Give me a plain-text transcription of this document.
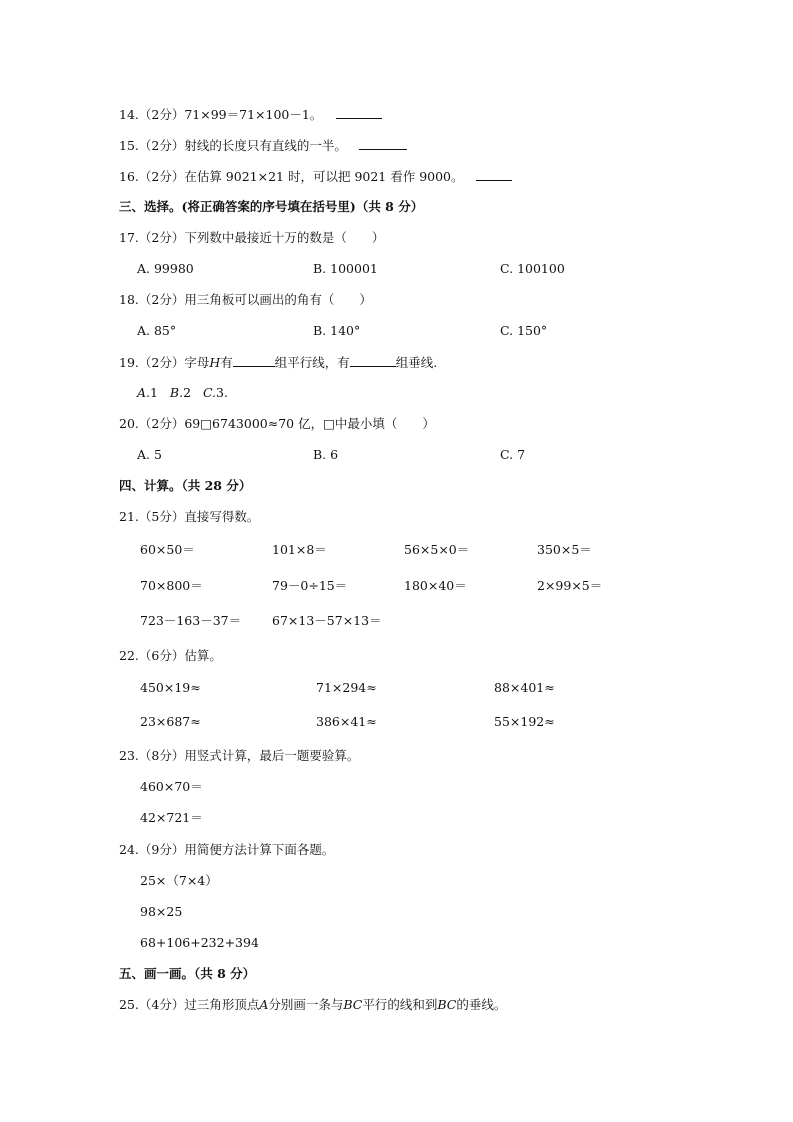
14.（2分）71×99＝71×100－1。
15.（2分）射线的长度只有直线的一半。
16.（2分）在估算 9021×21 时，可以把 9021 看作 9000。
三、选择。(将正确答案的序号填在括号里)（共 8 分）
17.（2分）下列数中最接近十万的数是（　　）
A. 99980	B. 100001	C. 100100
18.（2分）用三角板可以画出的角有（　　）
A. 85°	B. 140°	C. 150°
19.（2分）字母H有	组平行线，有	组垂线.
A.1 B.2 C.3.
20.（2分）69□6743000≈70 亿，□中最小填（　　）
A. 5	B. 6	C. 7
四、计算。（共 28 分）
21.（5分）直接写得数。
60×50＝	101×8＝	56×5×0＝	350×5＝
70×800＝	79－0÷15＝	180×40＝	2×99×5＝
723－163－37＝ 67×13－57×13＝
22.（6分）估算。
450×19≈	71×294≈	88×401≈
23×687≈	386×41≈	55×192≈
23.（8分）用竖式计算，最后一题要验算。
460×70＝
42×721＝
24.（9分）用简便方法计算下面各题。
25×（7×4）
98×25
68+106+232+394
五、画一画。（共 8 分）
25.（4分）过三角形顶点A分别画一条与BC平行的线和到BC的垂线。
